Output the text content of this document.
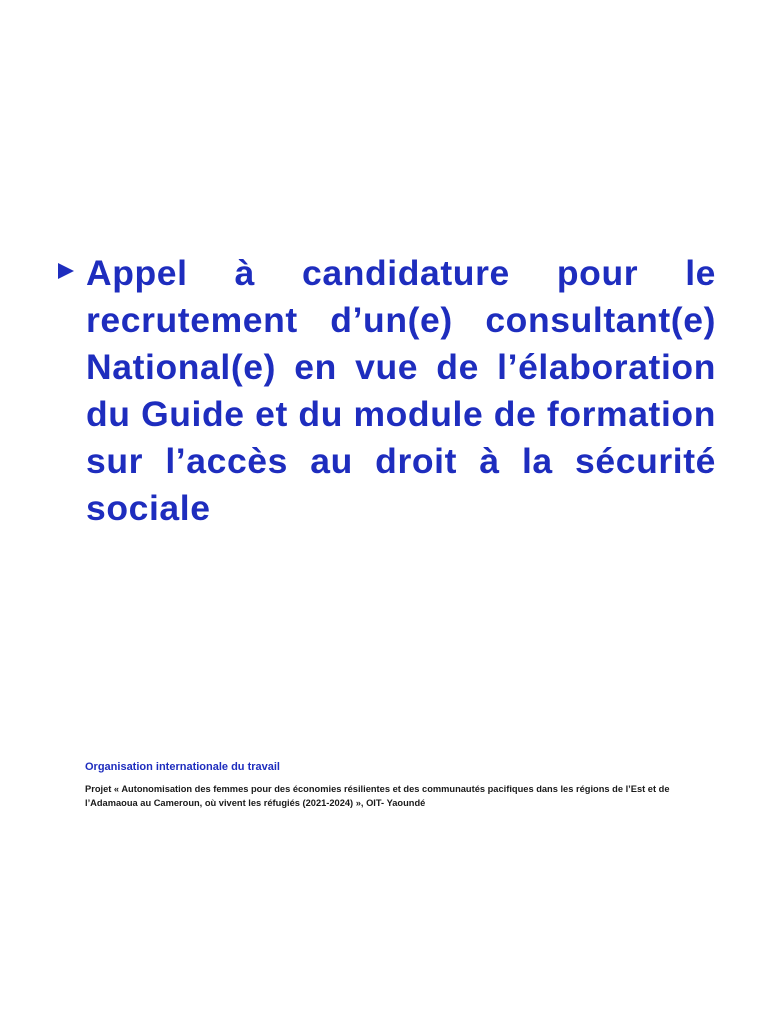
Appel à candidature pour le recrutement d’un(e) consultant(e) National(e) en vue de l’élaboration du Guide et du module de formation sur l’accès au droit à la sécurité sociale

Organisation internationale du travail

Projet « Autonomisation des femmes pour des économies résilientes et des communautés pacifiques dans les régions de l’Est et de l’Adamaoua au Cameroun, où vivent les réfugiés (2021-2024) », OIT- Yaoundé
